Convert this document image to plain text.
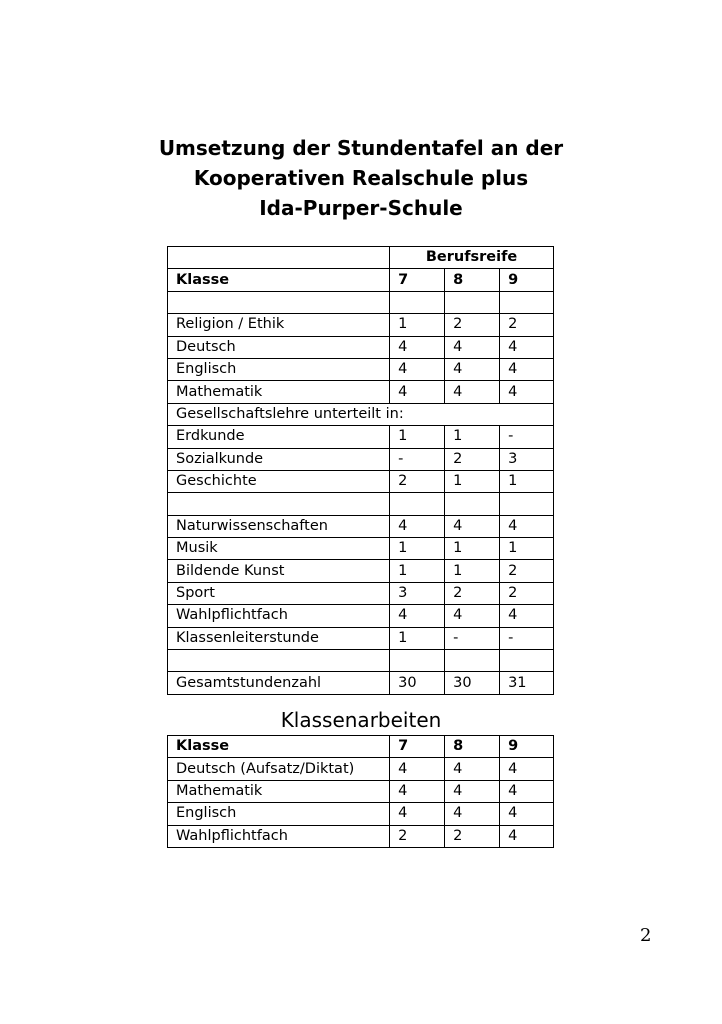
Umsetzung der Stundentafel an der
Kooperativen Realschule plus
Ida-Purper-Schule
	Berufsreife		
Klasse	7	8	9

Religion / Ethik	1	2	2
Deutsch	4	4	4
Englisch	4	4	4
Mathematik	4	4	4
Gesellschaftslehre unterteilt in:			
Erdkunde	1	1	-
Sozialkunde	-	2	3
Geschichte	2	1	1

Naturwissenschaften	4	4	4
Musik	1	1	1
Bildende Kunst	1	1	2
Sport	3	2	2
Wahlpflichtfach	4	4	4
Klassenleiterstunde	1	-	-

Gesamtstundenzahl	30	30	31
Klassenarbeiten
Klasse	7	8	9
Deutsch (Aufsatz/Diktat)	4	4	4
Mathematik	4	4	4
Englisch	4	4	4
Wahlpflichtfach	2	2	4
2
